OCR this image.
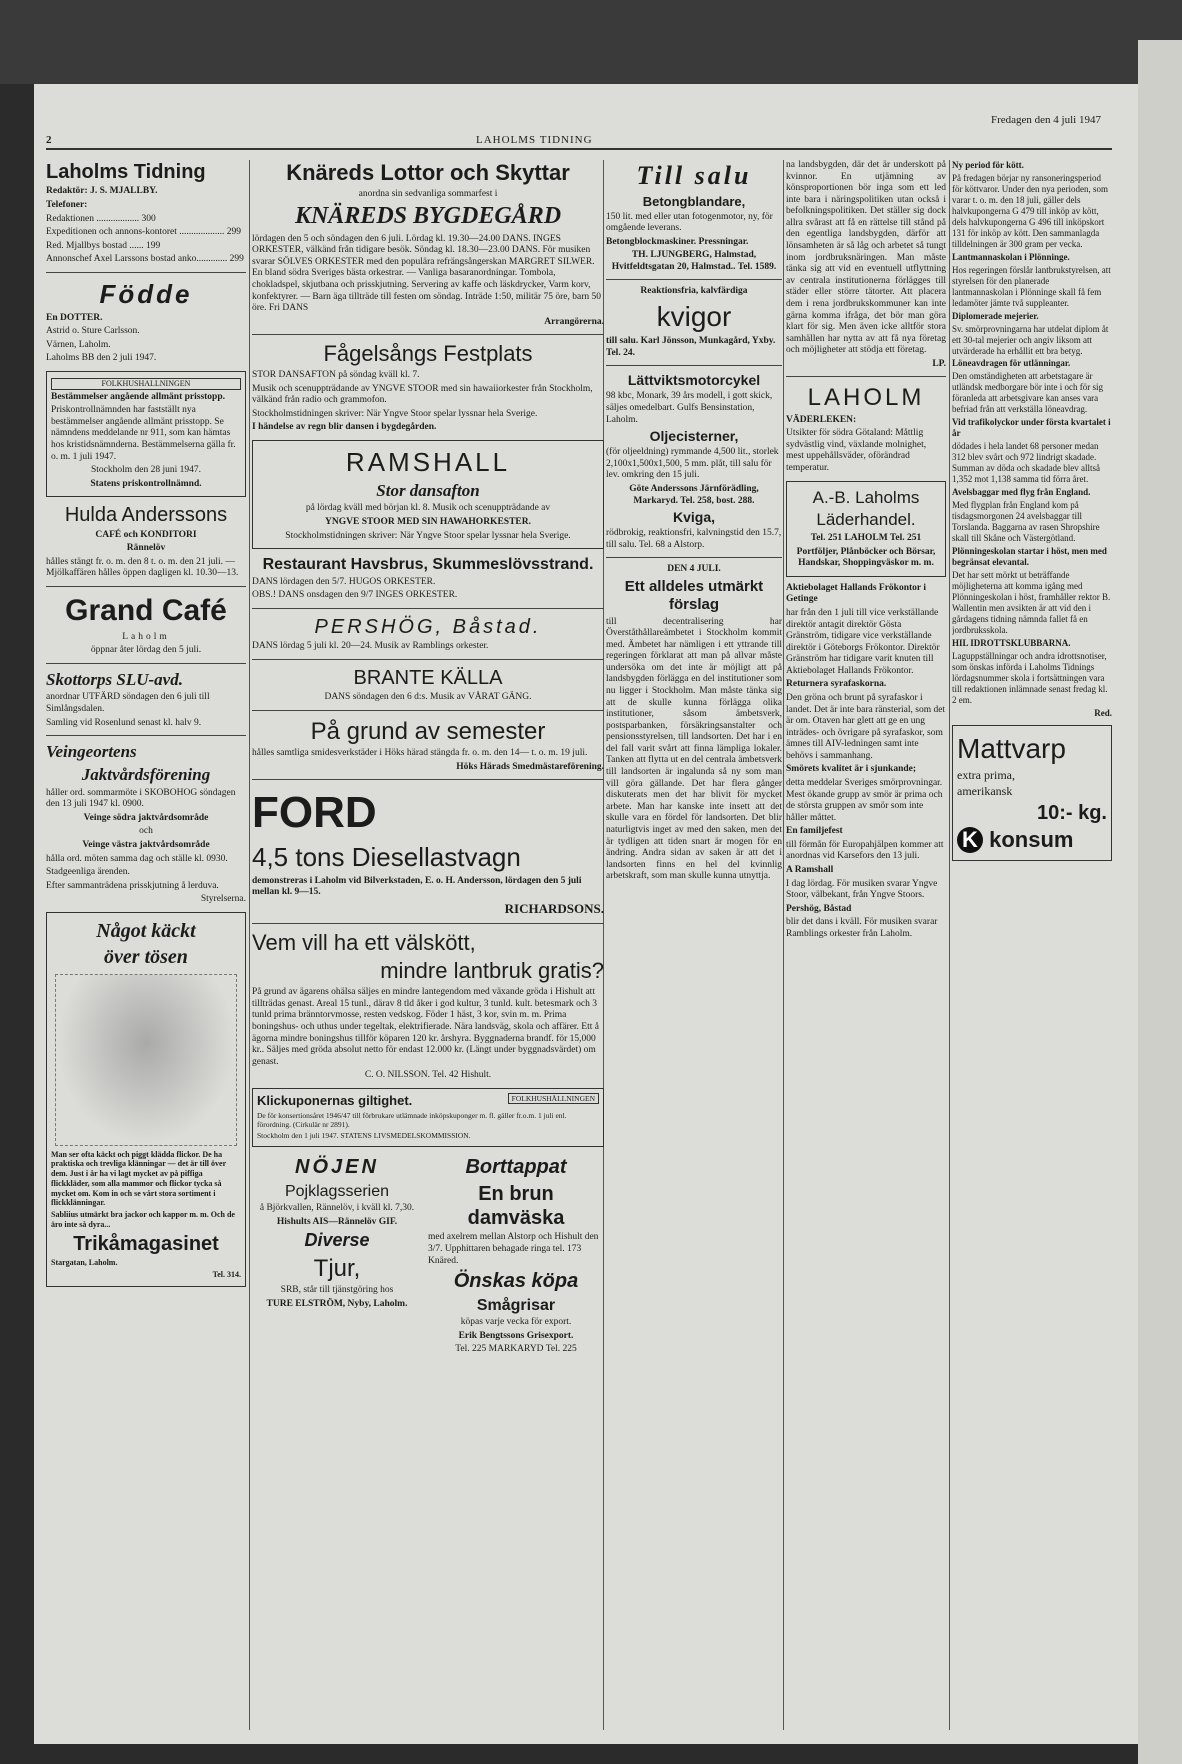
2	LAHOLMS TIDNING
Fredagen den 4 juli 1947
Laholms Tidning

Redaktör: J. S. MJALLBY.

Telefoner:

Redaktionen .................. 300

Expeditionen och annons-kontoret ................... 299

Red. Mjallbys bostad ...... 199

Annonschef Axel Larssons bostad anko............. 299

Födde

En DOTTER.

Astrid o. Sture Carlsson.

Värnen, Laholm.

Laholms BB den 2 juli 1947.

FOLKHUSHALLNINGEN

Bestämmelser angående allmänt prisstopp.

Priskontrollnämnden har fastställt nya bestämmelser angående allmänt prisstopp. Se nämndens meddelande nr 911, som kan hämtas hos kristidsnämnderna. Bestämmelserna gälla fr. o. m. 1 juli 1947.

Stockholm den 28 juni 1947.

Statens priskontrollnämnd.

Hulda Anderssons

CAFÉ och KONDITORI

Rännelöv

hålles stängt fr. o. m. den 8 t. o. m. den 21 juli. — Mjölkaffären hålles öppen dagligen kl. 10.30—13.

Grand Café

Laholm

öppnar åter lördag den 5 juli.

Skottorps SLU-avd.

anordnar UTFÄRD söndagen den 6 juli till Simlångsdalen.

Samling vid Rosenlund senast kl. halv 9.

Veingeortens
Jaktvårdsförening

håller ord. sommarmöte i SKOBOHOG söndagen den 13 juli 1947 kl. 0900.

Veinge södra jaktvårdsområde

och

Veinge västra jaktvårdsområde

hålla ord. möten samma dag och ställe kl. 0930.

Stadgeenliga ärenden.

Efter sammanträdena prisskjutning å lerduva.

Styrelserna.

Något käckt
över tösen

Man ser ofta käckt och piggt klädda flickor. De ha praktiska och trevliga klänningar — det är till över dem. Just i år ha vi lagt mycket av på piffiga flickkläder, som alla mammor och flickor tycka så mycket om. Kom in och se vårt stora sortiment i flickklänningar.

Sabliius utmärkt bra jackor och kappor m. m. Och de äro inte så dyra...

Trikåmagasinet

Stargatan, Laholm.

Tel. 314.

Knäreds Lottor och Skyttar

anordna sin sedvanliga sommarfest i

KNÄREDS BYGDEGÅRD

lördagen den 5 och söndagen den 6 juli. Lördag kl. 19.30—24.00 DANS. INGES ORKESTER, välkänd från tidigare besök. Söndag kl. 18.30—23.00 DANS. För musiken svarar SÖLVES ORKESTER med den populära refrängsångerskan MARGRET SILWER. En bland södra Sveriges bästa orkestrar. — Vanliga basaranordningar. Tombola, chokladspel, skjutbana och prisskjutning. Servering av kaffe och läskdrycker, Varm korv, konfektyrer. — Barn äga tillträde till festen om söndag. Inträde 1:50, militär 75 öre, barn 50 öre. Fri DANS

Arrangörerna.

Fågelsångs Festplats

STOR DANSAFTON på söndag kväll kl. 7.

Musik och scenuppträdande av YNGVE STOOR med sin hawaiiorkester från Stockholm, välkänd från radio och grammofon.

Stockholmstidningen skriver: När Yngve Stoor spelar lyssnar hela Sverige.

I händelse av regn blir dansen i bygdegården.

RAMSHALL
Stor dansafton

på lördag kväll med början kl. 8. Musik och scenuppträdande av

YNGVE STOOR MED SIN HAWAHORKESTER.

Stockholmstidningen skriver: När Yngve Stoor spelar lyssnar hela Sverige.

Restaurant Havsbrus, Skummeslövsstrand.

DANS lördagen den 5/7. HUGOS ORKESTER.

OBS.! DANS onsdagen den 9/7 INGES ORKESTER.

PERSHÖG, Båstad.

DANS lördag 5 juli kl. 20—24. Musik av Ramblings orkester.

BRANTE KÄLLA

DANS söndagen den 6 d:s. Musik av VÅRAT GÄNG.

På grund av semester

hålles samtliga smidesverkstäder i Höks härad stängda fr. o. m. den 14— t. o. m. 19 juli.

Höks Härads Smedmästareförening.

FORD
4,5 tons Diesellastvagn

demonstreras i Laholm vid Bilverkstaden, E. o. H. Andersson, lördagen den 5 juli mellan kl. 9—15.

RICHARDSONS.

Vem vill ha ett välskött,
mindre lantbruk gratis?

På grund av ägarens ohälsa säljes en mindre lantegendom med växande gröda i Hishult att tillträdas genast. Areal 15 tunl., därav 8 tld åker i god kultur, 3 tunld. kult. betesmark och 3 tunld prima bränntorvmosse, resten vedskog. Föder 1 häst, 3 kor, svin m. m. Prima boningshus- och uthus under tegeltak, elektrifierade. Nära landsväg, skola och affärer. Ett å ägorna mindre boningshus tillför köparen 120 kr. årshyra. Byggnaderna brandf. för 15,000 kr.. Säljes med gröda absolut netto för endast 12.000 kr. (Längt under byggnadsvärdet) om genast.

C. O. NILSSON. Tel. 42 Hishult.

Klickuponernas giltighet.	FOLKHUSHÅLLNINGEN

De för konsertionsåret 1946/47 till förbrukare utlämnade inköpskuponger m. fl. gäller fr.o.m. 1 juli enl. förordning. (Cirkulär nr 2891).

Stockholm den 1 juli 1947. STATENS LIVSMEDELSKOMMISSION.

NÖJEN
Pojklagsserien

å Björkvallen, Rännelöv, i kväll kl. 7,30.

Hishults AIS—Rännelöv GIF.

Diverse
Tjur,

SRB, står till tjänstgöring hos

TURE ELSTRÖM, Nyby, Laholm.

Borttappat
En brun damväska

med axelrem mellan Alstorp och Hishult den 3/7. Upphittaren behagade ringa tel. 173 Knäred.

Önskas köpa
Smågrisar

köpas varje vecka för export.

Erik Bengtssons Grisexport.

Tel. 225 MARKARYD Tel. 225

Till salu
Betongblandare,

150 lit. med eller utan fotogenmotor, ny, för omgående leverans.

Betongblockmaskiner. Pressningar.

TH. LJUNGBERG, Halmstad, Hvitfeldtsgatan 20, Halmstad.. Tel. 1589.

Reaktionsfria, kalvfärdiga

kvigor

till salu. Karl Jönsson, Munkagård, Yxby. Tel. 24.

Lättviktsmotorcykel

98 kbc, Monark, 39 års modell, i gott skick, säljes omedelbart. Gulfs Bensinstation, Laholm.

Oljecisterner,

(för oljeeldning) rymmande 4,500 lit., storlek 2,100x1,500x1,500, 5 mm. plåt, till salu för lev. omkring den 15 juli.

Göte Anderssons Järnförädling, Markaryd. Tel. 258, bost. 288.

Kviga,

rödbrokig, reaktionsfri, kalvningstid den 15.7, till salu. Tel. 68 a Alstorp.

DEN 4 JULI.

Ett alldeles utmärkt förslag

till decentralisering har Överståthållareämbetet i Stockholm kommit med. Ämbetet har nämligen i ett yttrande till regeringen förklarat att man på allvar måste undersöka om det inte är möjligt att på landsbygden förlägga en del institutioner som nu ligger i Stockholm. Man måste tänka sig att de skulle kunna förlägga olika institutioner, såsom ämbetsverk, postsparbanken, försäkringsanstalter och pensionsstyrelsen, till landsorten. Det har i en del fall varit svårt att finna lämpliga lokaler. Tanken att flytta ut en del centrala ämbetsverk till landsorten är ingalunda så ny som man vill göra gällande. Det har flera gånger diskuterats men det har blivit för mycket arbete. Man har kanske inte insett att det skulle vara en fördel för landsorten. Det blir naturligtvis inget av med den saken, men det är tydligen att tiden snart är mogen för en ändring. Andra sidan av saken är att det i landsorten finns en hel del kvinnlig arbetskraft, som man skulle kunna utnyttja.

na landsbygden, där det är underskott på kvinnor. En utjämning av könsproportionen bör inga som ett led inte bara i näringspolitiken utan också i befolkningspolitiken. Det ställer sig dock allra svårast att få en rättelse till stånd på den egentliga landsbygden, därför att lönsamheten är så låg och arbetet så tungt inom jordbruksnäringen. Man måste tänka sig att vid en eventuell utflyttning av centrala institutionerna förlägges till städer eller större tätorter. Att placera dem i rena jordbrukskommuner kan inte gärna komma ifråga, det bör man göra klart för sig. Men även icke alltför stora samhällen har nytta av att få nya företag och möjligheter att stödja ett företag.

LP.

LAHOLM

VÄDERLEKEN:

Utsikter för södra Götaland: Måttlig sydvästlig vind, växlande molnighet, mest uppehållsväder, oförändrad temperatur.

A.-B. Laholms
Läderhandel.

Tel. 251 LAHOLM Tel. 251

Portföljer, Plånböcker och Börsar, Handskar, Shoppingväskor m. m.

Aktiebolaget Hallands Frökontor i Getinge

har från den 1 juli till vice verkställande direktör antagit direktör Gösta Gränström, tidigare vice verkställande direktör i Göteborgs Frökontor. Direktör Gränström har tidigare varit knuten till Aktiebolaget Hallands Frökontor.

Returnera syrafaskorna.

Den gröna och brunt på syrafaskor i landet. Det är inte bara ränsterial, som det är om. Otaven har glett att ge en ung inträdes- och övrigare på syrafaskor, som ämnes till AIV-ledningen samt inte behövs i sammanhang.

Smörets kvalitet är i sjunkande;

detta meddelar Sveriges smörprovningar. Mest ökande grupp av smör är prima och de största gruppen av smör som inte håller måttet.

En familjefest

till förmån för Europahjälpen kommer att anordnas vid Karsefors den 13 juli.

A Ramshall

I dag lördag. För musiken svarar Yngve Stoor, välbekant, från Yngve Stoors.

Pershög, Båstad

blir det dans i kväll. För musiken svarar Ramblings orkester från Laholm.

Ny period för kött.

På fredagen börjar ny ransoneringsperiod för köttvaror. Under den nya perioden, som varar t. o. m. den 18 juli, gäller dels halvkupongerna G 479 till inköp av kött, dels halvkupongerna G 496 till inköpskort 131 för inköp av kött. Den sammanlagda tilldelningen är 300 gram per vecka.

Lantmannaskolan i Plönninge.

Hos regeringen förslår lantbrukstyrelsen, att styrelsen för den planerade lantmannaskolan i Plönninge skall få fem ledamöter jämte två suppleanter.

Diplomerade mejerier.

Sv. smörprovningarna har utdelat diplom åt ett 30-tal mejerier och angiv liksom att utvärderade ha erhållit ett bra betyg.

Löneavdragen för utlänningar.

Den omständigheten att arbetstagare är utländsk medborgare bör inte i och för sig föranleda att arbetsgivare kan anses vara befriad från att verkställa löneavdrag.

Vid trafikolyckor under första kvartalet i år

dödades i hela landet 68 personer medan 312 blev svårt och 972 lindrigt skadade. Summan av döda och skadade blev alltså 1,352 mot 1,138 samma tid förra året.

Avelsbaggar med flyg från England.

Med flygplan från England kom på tisdagsmorgonen 24 avelsbaggar till Torslanda. Baggarna av rasen Shropshire skall till Skåne och Västergötland.

Plönningeskolan startar i höst, men med begränsat elevantal.

Det har sett mörkt ut beträffande möjligheterna att komma igång med Plönningeskolan i höst, framhåller rektor B. Wallentin men avsikten är att vid den i gårdagens tidning nämnda fallet få en jordbruksskola.

HIL IDROTTSKLUBBARNA.

Laguppställningar och andra idrottsnotiser, som önskas införda i Laholms Tidnings lördagsnummer skola i fortsättningen vara till redaktionen inlämnade senast fredag kl. 2 em.

Red.

Mattvarp

extra prima,

amerikansk

10:- kg.

K konsum
